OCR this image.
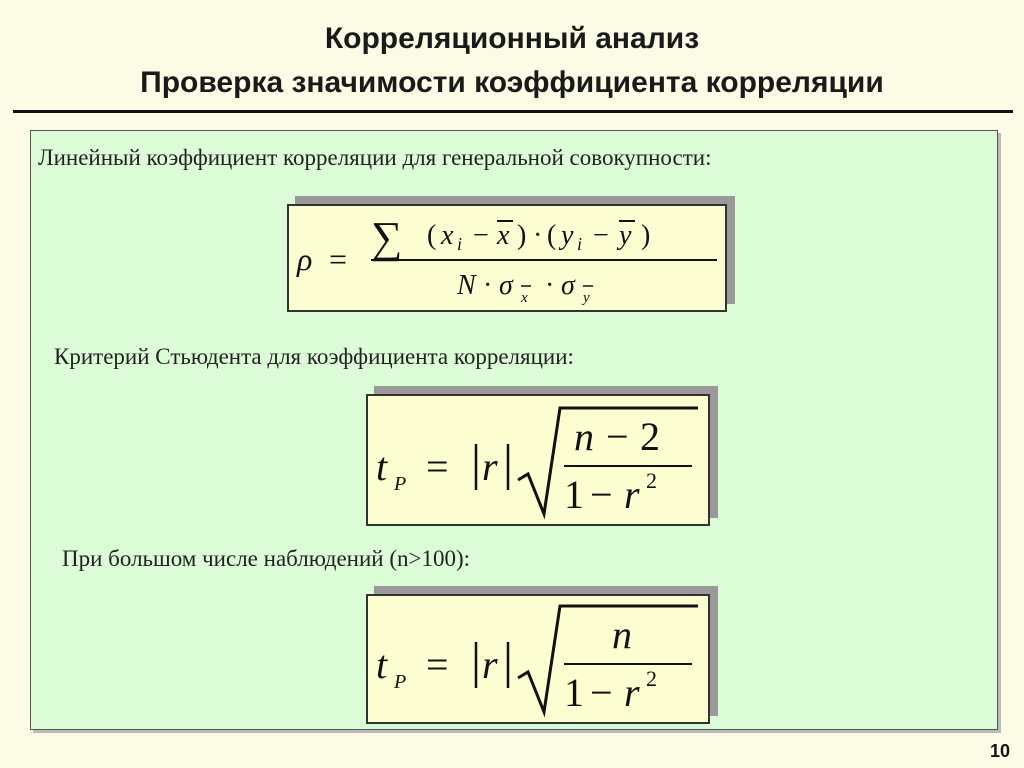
Корреляционный анализ
Проверка значимости коэффициента корреляции
Линейный коэффициент корреляции для генеральной совокупности:
ρ = ∑ ( x i − x ) · ( y i − y )
N · σ x · σ y
Критерий Стьюдента для коэффициента корреляции:
t P = r
n − 2
1 − r 2
При большом числе наблюдений (n>100):
t P = r
n
1 − r 2
10
